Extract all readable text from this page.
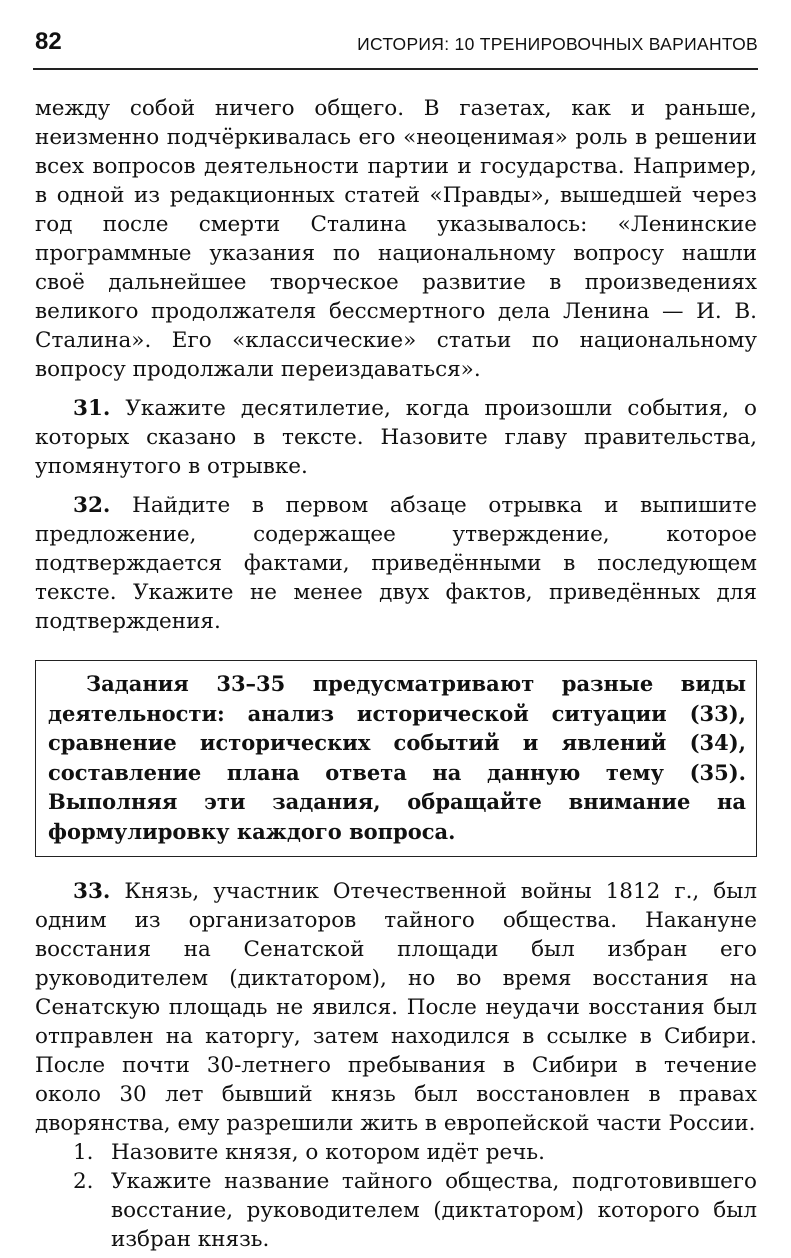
82	ИСТОРИЯ: 10 ТРЕНИРОВОЧНЫХ ВАРИАНТОВ

между собой ничего общего. В газетах, как и раньше, неизменно подчёркивалась его «неоценимая» роль в решении всех вопросов деятельности партии и государства. Например, в одной из редакционных статей «Правды», вышедшей через год после смерти Сталина указывалось: «Ленинские программные указания по национальному вопросу нашли своё дальнейшее творческое развитие в произведениях великого продолжателя бессмертного дела Ленина — И. В. Сталина». Его «классические» статьи по национальному вопросу продолжали переиздаваться».

31. Укажите десятилетие, когда произошли события, о которых сказано в тексте. Назовите главу правительства, упомянутого в отрывке.

32. Найдите в первом абзаце отрывка и выпишите предложение, содержащее утверждение, которое подтверждается фактами, приведёнными в последующем тексте. Укажите не менее двух фактов, приведённых для подтверждения.

Задания 33–35 предусматривают разные виды деятельности: анализ исторической ситуации (33), сравнение исторических событий и явлений (34), составление плана ответа на данную тему (35). Выполняя эти задания, обращайте внимание на формулировку каждого вопроса.

33. Князь, участник Отечественной войны 1812 г., был одним из организаторов тайного общества. Накануне восстания на Сенатской площади был избран его руководителем (диктатором), но во время восстания на Сенатскую площадь не явился. После неудачи восстания был отправлен на каторгу, затем находился в ссылке в Сибири. После почти 30-летнего пребывания в Сибири в течение около 30 лет бывший князь был восстановлен в правах дворянства, ему разрешили жить в европейской части России.

1. Назовите князя, о котором идёт речь.
2. Укажите название тайного общества, подготовившего восстание, руководителем (диктатором) которого был избран князь.
